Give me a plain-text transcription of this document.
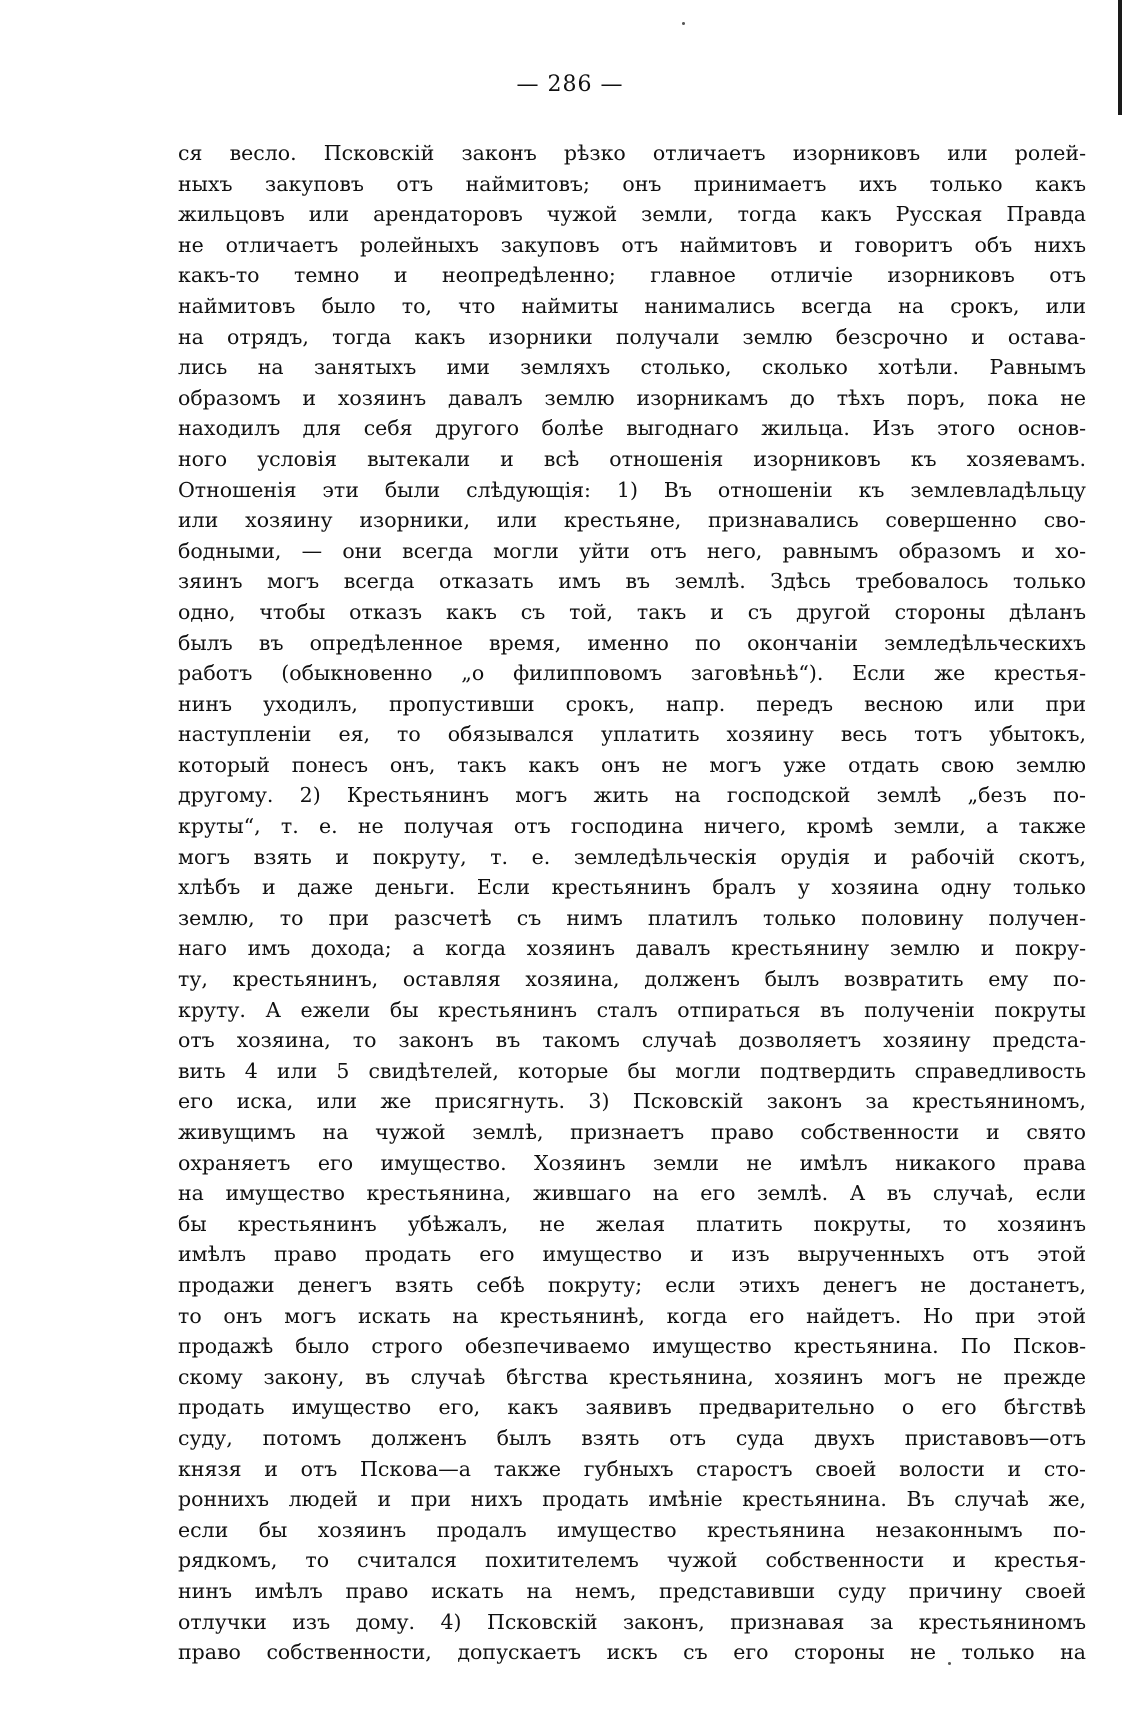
— 286 —
ся весло. Псковскій законъ рѣзко отличаетъ изорниковъ или ролей-
ныхъ закуповъ отъ наймитовъ; онъ принимаетъ ихъ только какъ
жильцовъ или арендаторовъ чужой земли, тогда какъ Русская Правда
не отличаетъ ролейныхъ закуповъ отъ наймитовъ и говоритъ объ нихъ
какъ-то темно и неопредѣленно; главное отличіе изорниковъ отъ
наймитовъ было то, что наймиты нанимались всегда на срокъ, или
на отрядъ, тогда какъ изорники получали землю безсрочно и остава-
лись на занятыхъ ими земляхъ столько, сколько хотѣли. Равнымъ
образомъ и хозяинъ давалъ землю изорникамъ до тѣхъ поръ, пока не
находилъ для себя другого болѣе выгоднаго жильца. Изъ этого основ-
ного условія вытекали и всѣ отношенія изорниковъ къ хозяевамъ.
Отношенія эти были слѣдующія: 1) Въ отношеніи къ землевладѣльцу
или хозяину изорники, или крестьяне, признавались совершенно сво-
бодными, — они всегда могли уйти отъ него, равнымъ образомъ и хо-
зяинъ могъ всегда отказать имъ въ землѣ. Здѣсь требовалось только
одно, чтобы отказъ какъ съ той, такъ и съ другой стороны дѣланъ
былъ въ опредѣленное время, именно по окончаніи земледѣльческихъ
работъ (обыкновенно „о филипповомъ заговѣньѣ“). Если же крестья-
нинъ уходилъ, пропустивши срокъ, напр. передъ весною или при
наступленіи ея, то обязывался уплатить хозяину весь тотъ убытокъ,
который понесъ онъ, такъ какъ онъ не могъ уже отдать свою землю
другому. 2) Крестьянинъ могъ жить на господской землѣ „безъ по-
круты“, т. е. не получая отъ господина ничего, кромѣ земли, а также
могъ взять и покруту, т. е. земледѣльческія орудія и рабочій скотъ,
хлѣбъ и даже деньги. Если крестьянинъ бралъ у хозяина одну только
землю, то при разсчетѣ съ нимъ платилъ только половину получен-
наго имъ дохода; а когда хозяинъ давалъ крестьянину землю и покру-
ту, крестьянинъ, оставляя хозяина, долженъ былъ возвратить ему по-
круту. А ежели бы крестьянинъ сталъ отпираться въ полученіи покруты
отъ хозяина, то законъ въ такомъ случаѣ дозволяетъ хозяину предста-
вить 4 или 5 свидѣтелей, которые бы могли подтвердить справедливость
его иска, или же присягнуть. 3) Псковскій законъ за крестьяниномъ,
живущимъ на чужой землѣ, признаетъ право собственности и свято
охраняетъ его имущество. Хозяинъ земли не имѣлъ никакого права
на имущество крестьянина, жившаго на его землѣ. А въ случаѣ, если
бы крестьянинъ убѣжалъ, не желая платить покруты, то хозяинъ
имѣлъ право продать его имущество и изъ вырученныхъ отъ этой
продажи денегъ взять себѣ покруту; если этихъ денегъ не достанетъ,
то онъ могъ искать на крестьянинѣ, когда его найдетъ. Но при этой
продажѣ было строго обезпечиваемо имущество крестьянина. По Псков-
скому закону, въ случаѣ бѣгства крестьянина, хозяинъ могъ не прежде
продать имущество его, какъ заявивъ предварительно о его бѣгствѣ
суду, потомъ долженъ былъ взять отъ суда двухъ приставовъ—отъ
князя и отъ Пскова—а также губныхъ старостъ своей волости и сто-
роннихъ людей и при нихъ продать имѣніе крестьянина. Въ случаѣ же,
если бы хозяинъ продалъ имущество крестьянина незаконнымъ по-
рядкомъ, то считался похитителемъ чужой собственности и крестья-
нинъ имѣлъ право искать на немъ, представивши суду причину своей
отлучки изъ дому. 4) Псковскій законъ, признавая за крестьяниномъ
право собственности, допускаетъ искъ съ его стороны не только на
